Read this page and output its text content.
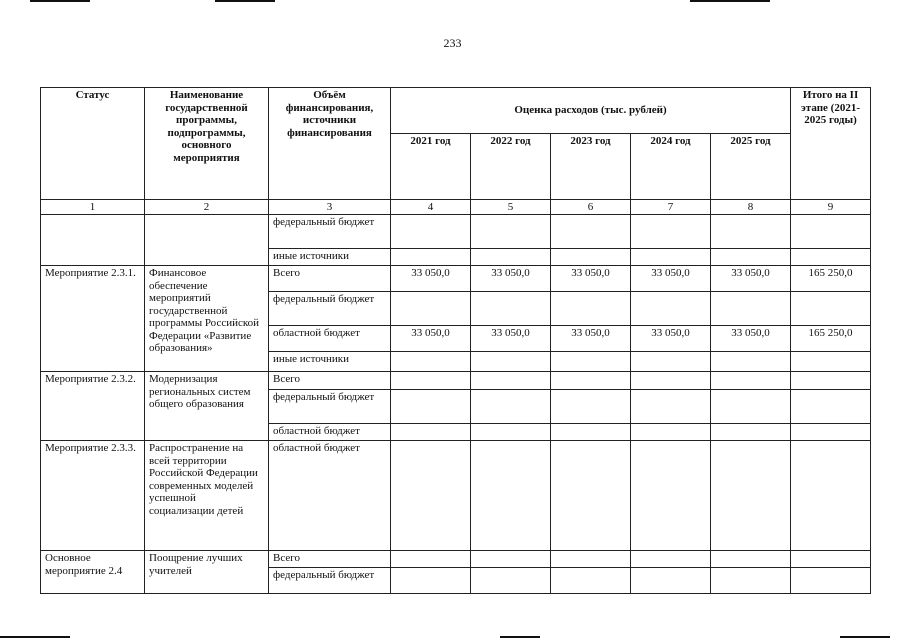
233
Статус	Наименование государственной программы, подпрограммы, основного мероприятия	Объём финансирования, источники финансирования	Оценка расходов (тыс. рублей)					Итого на II этапе (2021-2025 годы)
			2021 год	2022 год	2023 год	2024 год	2025 год	
1	2	3	4	5	6	7	8	9
		федеральный бюджет						
		иные источники						
Мероприятие 2.3.1.	Финансовое обеспечение мероприятий государственной программы Российской Федерации «Развитие образования»	Всего	33 050,0	33 050,0	33 050,0	33 050,0	33 050,0	165 250,0
		федеральный бюджет						
		областной бюджет	33 050,0	33 050,0	33 050,0	33 050,0	33 050,0	165 250,0
		иные источники						
Мероприятие 2.3.2.	Модернизация региональных систем общего образования	Всего						
		федеральный бюджет						
		областной бюджет						
Мероприятие 2.3.3.	Распространение на всей территории Российской Федерации современных моделей успешной социализации детей	областной бюджет						
Основное мероприятие 2.4	Поощрение лучших учителей	Всего						
		федеральный бюджет						
